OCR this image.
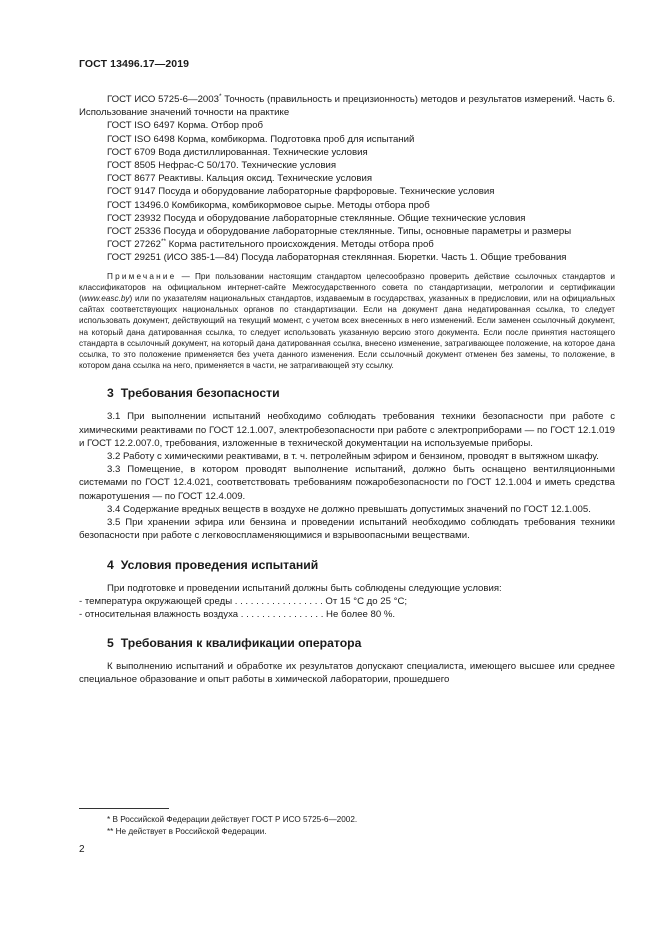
ГОСТ 13496.17—2019

ГОСТ ИСО 5725-6—2003* Точность (правильность и прецизионность) методов и результатов измерений. Часть 6. Использование значений точности на практике

ГОСТ ISO 6497 Корма. Отбор проб

ГОСТ ISO 6498 Корма, комбикорма. Подготовка проб для испытаний

ГОСТ 6709 Вода дистиллированная. Технические условия

ГОСТ 8505 Нефрас-С 50/170. Технические условия

ГОСТ 8677 Реактивы. Кальция оксид. Технические условия

ГОСТ 9147 Посуда и оборудование лабораторные фарфоровые. Технические условия

ГОСТ 13496.0 Комбикорма, комбикормовое сырье. Методы отбора проб

ГОСТ 23932 Посуда и оборудование лабораторные стеклянные. Общие технические условия

ГОСТ 25336 Посуда и оборудование лабораторные стеклянные. Типы, основные параметры и размеры

ГОСТ 27262** Корма растительного происхождения. Методы отбора проб

ГОСТ 29251 (ИСО 385-1—84) Посуда лабораторная стеклянная. Бюретки. Часть 1. Общие требования

Примечание — При пользовании настоящим стандартом целесообразно проверить действие ссылочных стандартов и классификаторов на официальном интернет-сайте Межгосударственного совета по стандартизации, метрологии и сертификации (www.easc.by) или по указателям национальных стандартов, издаваемым в государствах, указанных в предисловии, или на официальных сайтах соответствующих национальных органов по стандартизации. Если на документ дана недатированная ссылка, то следует использовать документ, действующий на текущий момент, с учетом всех внесенных в него изменений. Если заменен ссылочный документ, на который дана датированная ссылка, то следует использовать указанную версию этого документа. Если после принятия настоящего стандарта в ссылочный документ, на который дана датированная ссылка, внесено изменение, затрагивающее положение, на которое дана ссылка, то это положение применяется без учета данного изменения. Если ссылочный документ отменен без замены, то положение, в котором дана ссылка на него, применяется в части, не затрагивающей эту ссылку.

3 Требования безопасности

3.1 При выполнении испытаний необходимо соблюдать требования техники безопасности при работе с химическими реактивами по ГОСТ 12.1.007, электробезопасности при работе с электроприборами — по ГОСТ 12.1.019 и ГОСТ 12.2.007.0, требования, изложенные в технической документации на используемые приборы.

3.2 Работу с химическими реактивами, в т. ч. петролейным эфиром и бензином, проводят в вытяжном шкафу.

3.3 Помещение, в котором проводят выполнение испытаний, должно быть оснащено вентиляционными системами по ГОСТ 12.4.021, соответствовать требованиям пожаробезопасности по ГОСТ 12.1.004 и иметь средства пожаротушения — по ГОСТ 12.4.009.

3.4 Содержание вредных веществ в воздухе не должно превышать допустимых значений по ГОСТ 12.1.005.

3.5 При хранении эфира или бензина и проведении испытаний необходимо соблюдать требования техники безопасности при работе с легковоспламеняющимися и взрывоопасными веществами.

4 Условия проведения испытаний

При подготовке и проведении испытаний должны быть соблюдены следующие условия:

- температура окружающей среды . . . . . . . . . . . . . . . . . От 15 °С до 25 °С;

- относительная влажность воздуха . . . . . . . . . . . . . . . . Не более 80 %.

5 Требования к квалификации оператора

К выполнению испытаний и обработке их результатов допускают специалиста, имеющего высшее или среднее специальное образование и опыт работы в химической лаборатории, прошедшего

* В Российской Федерации действует ГОСТ Р ИСО 5725-6—2002.

** Не действует в Российской Федерации.

2
